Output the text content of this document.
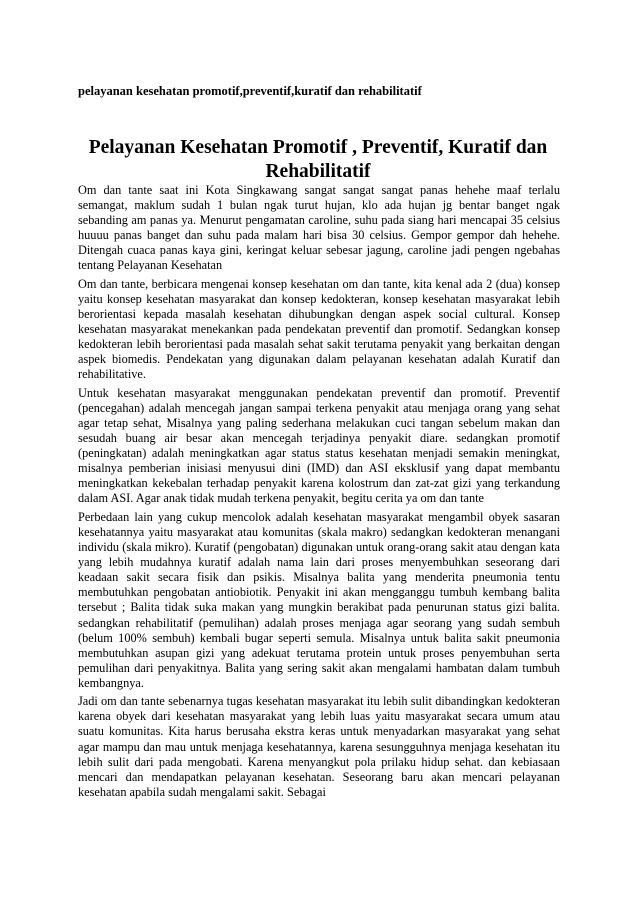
pelayanan kesehatan promotif,preventif,kuratif dan rehabilitatif
Pelayanan Kesehatan Promotif , Preventif, Kuratif dan Rehabilitatif

Om dan tante saat ini Kota Singkawang sangat sangat sangat panas hehehe maaf terlalu semangat, maklum sudah 1 bulan ngak turut hujan, klo ada hujan jg bentar banget ngak sebanding am panas ya. Menurut pengamatan caroline, suhu pada siang hari mencapai 35 celsius huuuu panas banget dan suhu pada malam hari bisa 30 celsius. Gempor gempor dah hehehe. Ditengah cuaca panas kaya gini, keringat keluar sebesar jagung, caroline jadi pengen ngebahas tentang Pelayanan Kesehatan

Om dan tante, berbicara mengenai konsep kesehatan om dan tante, kita kenal ada 2 (dua) konsep yaitu konsep kesehatan masyarakat dan konsep kedokteran, konsep kesehatan masyarakat lebih berorientasi kepada masalah kesehatan dihubungkan dengan aspek social cultural. Konsep kesehatan masyarakat menekankan pada pendekatan preventif dan promotif. Sedangkan konsep kedokteran lebih berorientasi pada masalah sehat sakit terutama penyakit yang berkaitan dengan aspek biomedis. Pendekatan yang digunakan dalam pelayanan kesehatan adalah Kuratif dan rehabilitative.

Untuk kesehatan masyarakat menggunakan pendekatan preventif dan promotif. Preventif (pencegahan) adalah mencegah jangan sampai terkena penyakit atau menjaga orang yang sehat agar tetap sehat, Misalnya yang paling sederhana melakukan cuci tangan sebelum makan dan sesudah buang air besar akan mencegah terjadinya penyakit diare. sedangkan promotif (peningkatan) adalah meningkatkan agar status status kesehatan menjadi semakin meningkat, misalnya pemberian inisiasi menyusui dini (IMD) dan ASI eksklusif yang dapat membantu meningkatkan kekebalan terhadap penyakit karena kolostrum dan zat-zat gizi yang terkandung dalam ASI. Agar anak tidak mudah terkena penyakit, begitu cerita ya om dan tante

Perbedaan lain yang cukup mencolok adalah kesehatan masyarakat mengambil obyek sasaran kesehatannya yaitu masyarakat atau komunitas (skala makro) sedangkan kedokteran menangani individu (skala mikro). Kuratif (pengobatan) digunakan untuk orang-orang sakit atau dengan kata yang lebih mudahnya kuratif adalah nama lain dari proses menyembuhkan seseorang dari keadaan sakit secara fisik dan psikis. Misalnya balita yang menderita pneumonia tentu membutuhkan pengobatan antiobiotik. Penyakit ini akan mengganggu tumbuh kembang balita tersebut ; Balita tidak suka makan yang mungkin berakibat pada penurunan status gizi balita. sedangkan rehabilitatif (pemulihan) adalah proses menjaga agar seorang yang sudah sembuh (belum 100% sembuh) kembali bugar seperti semula. Misalnya untuk balita sakit pneumonia membutuhkan asupan gizi yang adekuat terutama protein untuk proses penyembuhan serta pemulihan dari penyakitnya. Balita yang sering sakit akan mengalami hambatan dalam tumbuh kembangnya.

Jadi om dan tante sebenarnya tugas kesehatan masyarakat itu lebih sulit dibandingkan kedokteran karena obyek dari kesehatan masyarakat yang lebih luas yaitu masyarakat secara umum atau suatu komunitas. Kita harus berusaha ekstra keras untuk menyadarkan masyarakat yang sehat agar mampu dan mau untuk menjaga kesehatannya, karena sesungguhnya menjaga kesehatan itu lebih sulit dari pada mengobati. Karena menyangkut pola prilaku hidup sehat. dan kebiasaan mencari dan mendapatkan pelayanan kesehatan. Seseorang baru akan mencari pelayanan kesehatan apabila sudah mengalami sakit. Sebagai
